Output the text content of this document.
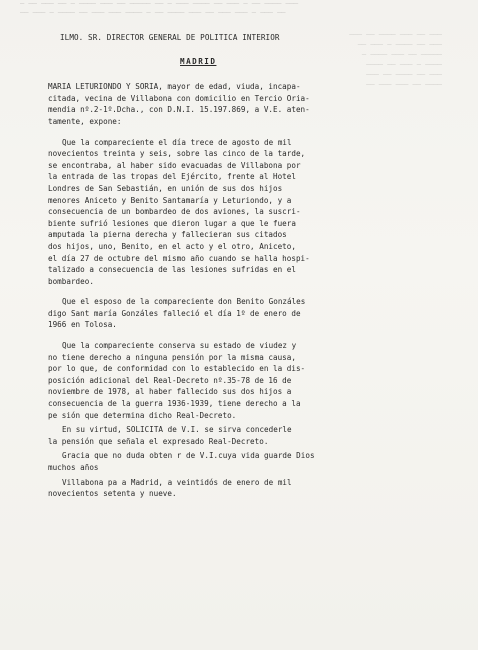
─ ── ─── ── ─ ──── ─── ── ───── ── ─ ─── ──── ── ─── ─ ── ──── ───
── ─── ─ ──── ── ─── ─── ──── ─ ── ──── ─── ── ─── ─── ─ ─── ──
─── ── ──── ─── ── ───
── ─── ─ ──── ── ───
─ ──── ─── ── ─────
──── ── ─── ─ ────
─── ── ──── ── ───
── ─── ─── ── ────
ILMO. SR. DIRECTOR GENERAL DE POLITICA INTERIOR
MADRID
MARIA LETURIONDO Y SORIA, mayor de edad, viuda, incapa-
citada, vecina de Villabona con domicilio en Tercio Oria-
mendia nº.2-1º.Dcha., con D.N.I. 15.197.869, a V.E. aten-
tamente, expone:
Que la compareciente el día trece de agosto de mil
novecientos treinta y seis, sobre las cinco de la tarde,
se encontraba, al haber sido evacuadas de Villabona por
la entrada de las tropas del Ejército, frente al Hotel
Londres de San Sebastián, en unión de sus dos hijos
menores Aniceto y Benito Santamaría y Leturiondo, y a
consecuencia de un bombardeo de dos aviones, la suscri-
biente sufrió lesiones que dieron lugar a que le fuera
amputada la pierna derecha y fallecieran sus citados
dos hijos, uno, Benito, en el acto y el otro, Aniceto,
el día 27 de octubre del mismo año cuando se halla hospi-
talizado a consecuencia de las lesiones sufridas en el
bombardeo.
Que el esposo de la compareciente don Benito Gonzáles
digo Sant maría Gonzáles falleció el día 1º de enero de
1966 en Tolosa.
Que la compareciente conserva su estado de viudez y
no tiene derecho a ninguna pensión por la misma causa,
por lo que, de conformidad con lo establecido en la dis-
posición adicional del Real-Decreto nº.35-78 de 16 de
noviembre de 1978, al haber fallecido sus dos hijos a
consecuencia de la guerra 1936-1939, tiene derecho a la
pe sión que determina dicho Real-Decreto.
En su virtud, SOLICITA de V.I. se sirva concederle
la pensión que señala el expresado Real-Decreto.
Gracia que no duda obten r de V.I.cuya vida guarde Dios
muchos años
Villabona pa a Madrid, a veintidós de enero de mil
novecientos setenta y nueve.
